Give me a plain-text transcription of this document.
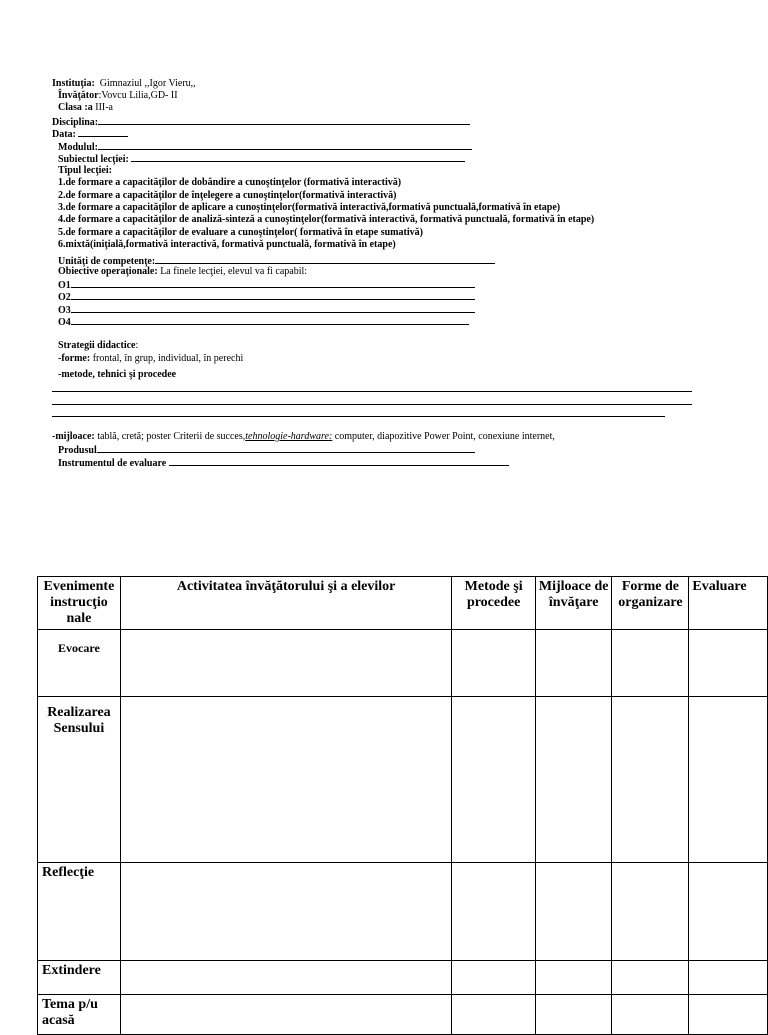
Instituţia: Gimnaziul ,,Igor Vieru,,
Învăţător:Vovcu Lilia,GD- II
Clasa :a III-a
Disciplina:
Data:
Modulul:
Subiectul lecţiei:
Tipul lecţiei:
1.de formare a capacităţilor de dobândire a cunoştinţelor (formativă interactivă)
2.de formare a capacităţilor de înţelegere a cunoştinţelor(formativă interactivă)
3.de formare a capacităţilor de aplicare a cunoştinţelor(formativă interactivă,formativă punctuală,formativă în etape)
4.de formare a capacităţilor de analiză-sinteză a cunoştinţelor(formativă interactivă, formativă punctuală, formativă în etape)
5.de formare a capacităţilor de evaluare a cunoştinţelor( formativă în etape sumativă)
6.mixtă(iniţială,formativă interactivă, formativă punctuală, formativă în etape)
Unităţi de competenţe:
Obiective operaţionale: La finele lecţiei, elevul va fi capabil:
O1
O2
O3
O4
Strategii didactice:
-forme: frontal, în grup, individual, în perechi
-metode, tehnici şi procedee
-mijloace: tablă, cretă; poster Criterii de succes,tehnologie-hardware: computer, diapozitive Power Point, conexiune internet,
Produsul
Instrumentul de evaluare
Evenimente instrucţio nale	Activitatea învăţătorului şi a elevilor	Metode şi procedee	Mijloace de învăţare	Forme de organizare	Evaluare
Evocare					
Realizarea Sensului					
Reflecţie					
Extindere					
Tema p/u acasă					
